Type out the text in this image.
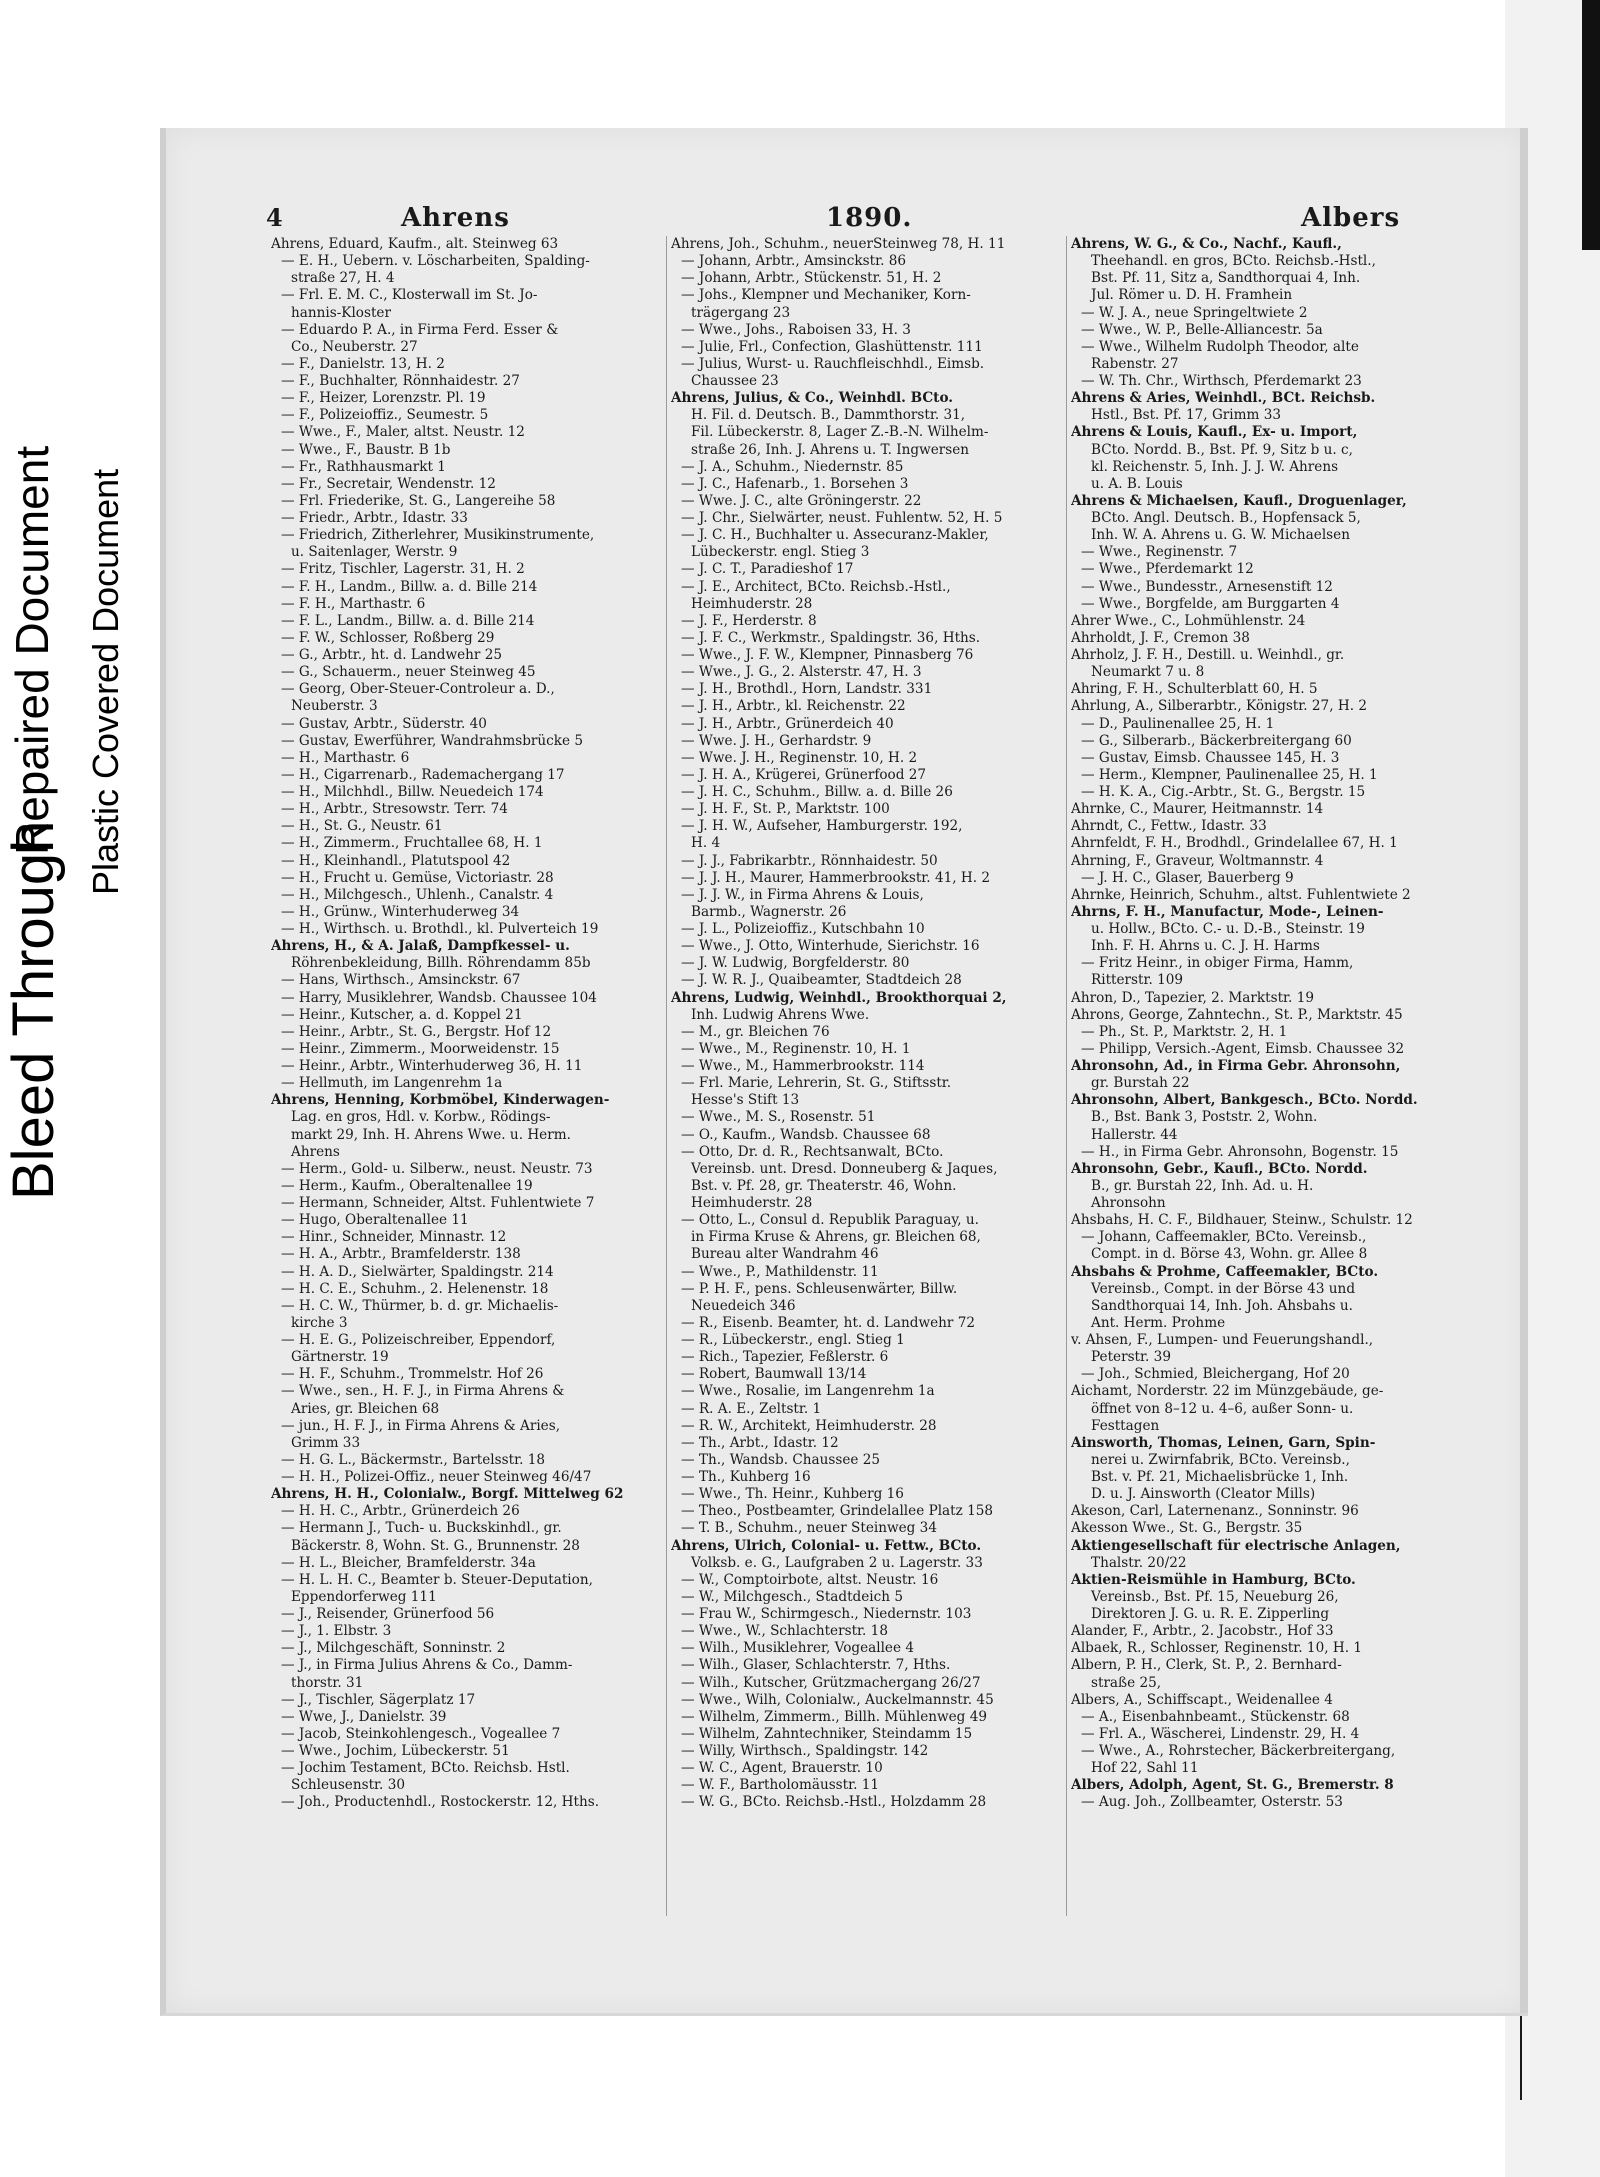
Bleed Through
Repaired Document Plastic Covered Document
4	Ahrens	1890.	Albers
Ahrens, Eduard, Kaufm., alt. Steinweg 63
— E. H., Uebern. v. Löscharbeiten, Spalding-
straße 27, H. 4
— Frl. E. M. C., Klosterwall im St. Jo-
hannis-Kloster
— Eduardo P. A., in Firma Ferd. Esser &
Co., Neuberstr. 27
— F., Danielstr. 13, H. 2
— F., Buchhalter, Rönnhaidestr. 27
— F., Heizer, Lorenzstr. Pl. 19
— F., Polizeioffiz., Seumestr. 5
— Wwe., F., Maler, altst. Neustr. 12
— Wwe., F., Baustr. B 1b
— Fr., Rathhausmarkt 1
— Fr., Secretair, Wendenstr. 12
— Frl. Friederike, St. G., Langereihe 58
— Friedr., Arbtr., Idastr. 33
— Friedrich, Zitherlehrer, Musikinstrumente,
u. Saitenlager, Werstr. 9
— Fritz, Tischler, Lagerstr. 31, H. 2
— F. H., Landm., Billw. a. d. Bille 214
— F. H., Marthastr. 6
— F. L., Landm., Billw. a. d. Bille 214
— F. W., Schlosser, Roßberg 29
— G., Arbtr., ht. d. Landwehr 25
— G., Schauerm., neuer Steinweg 45
— Georg, Ober-Steuer-Controleur a. D.,
Neuberstr. 3
— Gustav, Arbtr., Süderstr. 40
— Gustav, Ewerführer, Wandrahmsbrücke 5
— H., Marthastr. 6
— H., Cigarrenarb., Rademachergang 17
— H., Milchhdl., Billw. Neuedeich 174
— H., Arbtr., Stresowstr. Terr. 74
— H., St. G., Neustr. 61
— H., Zimmerm., Fruchtallee 68, H. 1
— H., Kleinhandl., Platutspool 42
— H., Frucht u. Gemüse, Victoriastr. 28
— H., Milchgesch., Uhlenh., Canalstr. 4
— H., Grünw., Winterhuderweg 34
— H., Wirthsch. u. Brothdl., kl. Pulverteich 19
Ahrens, H., & A. Jalaß, Dampfkessel- u.
Röhrenbekleidung, Billh. Röhrendamm 85b
— Hans, Wirthsch., Amsinckstr. 67
— Harry, Musiklehrer, Wandsb. Chaussee 104
— Heinr., Kutscher, a. d. Koppel 21
— Heinr., Arbtr., St. G., Bergstr. Hof 12
— Heinr., Zimmerm., Moorweidenstr. 15
— Heinr., Arbtr., Winterhuderweg 36, H. 11
— Hellmuth, im Langenrehm 1a
Ahrens, Henning, Korbmöbel, Kinderwagen-
Lag. en gros, Hdl. v. Korbw., Rödings-
markt 29, Inh. H. Ahrens Wwe. u. Herm.
Ahrens
— Herm., Gold- u. Silberw., neust. Neustr. 73
— Herm., Kaufm., Oberaltenallee 19
— Hermann, Schneider, Altst. Fuhlentwiete 7
— Hugo, Oberaltenallee 11
— Hinr., Schneider, Minnastr. 12
— H. A., Arbtr., Bramfelderstr. 138
— H. A. D., Sielwärter, Spaldingstr. 214
— H. C. E., Schuhm., 2. Helenenstr. 18
— H. C. W., Thürmer, b. d. gr. Michaelis-
kirche 3
— H. E. G., Polizeischreiber, Eppendorf,
Gärtnerstr. 19
— H. F., Schuhm., Trommelstr. Hof 26
— Wwe., sen., H. F. J., in Firma Ahrens &
Aries, gr. Bleichen 68
— jun., H. F. J., in Firma Ahrens & Aries,
Grimm 33
— H. G. L., Bäckermstr., Bartelsstr. 18
— H. H., Polizei-Offiz., neuer Steinweg 46/47
Ahrens, H. H., Colonialw., Borgf. Mittelweg 62
— H. H. C., Arbtr., Grünerdeich 26
— Hermann J., Tuch- u. Buckskinhdl., gr.
Bäckerstr. 8, Wohn. St. G., Brunnenstr. 28
— H. L., Bleicher, Bramfelderstr. 34a
— H. L. H. C., Beamter b. Steuer-Deputation,
Eppendorferweg 111
— J., Reisender, Grünerfood 56
— J., 1. Elbstr. 3
— J., Milchgeschäft, Sonninstr. 2
— J., in Firma Julius Ahrens & Co., Damm-
thorstr. 31
— J., Tischler, Sägerplatz 17
— Wwe, J., Danielstr. 39
— Jacob, Steinkohlengesch., Vogeallee 7
— Wwe., Jochim, Lübeckerstr. 51
— Jochim Testament, BCto. Reichsb. Hstl.
Schleusenstr. 30
— Joh., Productenhdl., Rostockerstr. 12, Hths.
Ahrens, Joh., Schuhm., neuerSteinweg 78, H. 11
— Johann, Arbtr., Amsinckstr. 86
— Johann, Arbtr., Stückenstr. 51, H. 2
— Johs., Klempner und Mechaniker, Korn-
trägergang 23
— Wwe., Johs., Raboisen 33, H. 3
— Julie, Frl., Confection, Glashüttenstr. 111
— Julius, Wurst- u. Rauchfleischhdl., Eimsb.
Chaussee 23
Ahrens, Julius, & Co., Weinhdl. BCto.
H. Fil. d. Deutsch. B., Dammthorstr. 31,
Fil. Lübeckerstr. 8, Lager Z.-B.-N. Wilhelm-
straße 26, Inh. J. Ahrens u. T. Ingwersen
— J. A., Schuhm., Niedernstr. 85
— J. C., Hafenarb., 1. Borsehen 3
— Wwe. J. C., alte Gröningerstr. 22
— J. Chr., Sielwärter, neust. Fuhlentw. 52, H. 5
— J. C. H., Buchhalter u. Assecuranz-Makler,
Lübeckerstr. engl. Stieg 3
— J. C. T., Paradieshof 17
— J. E., Architect, BCto. Reichsb.-Hstl.,
Heimhuderstr. 28
— J. F., Herderstr. 8
— J. F. C., Werkmstr., Spaldingstr. 36, Hths.
— Wwe., J. F. W., Klempner, Pinnasberg 76
— Wwe., J. G., 2. Alsterstr. 47, H. 3
— J. H., Brothdl., Horn, Landstr. 331
— J. H., Arbtr., kl. Reichenstr. 22
— J. H., Arbtr., Grünerdeich 40
— Wwe. J. H., Gerhardstr. 9
— Wwe. J. H., Reginenstr. 10, H. 2
— J. H. A., Krügerei, Grünerfood 27
— J. H. C., Schuhm., Billw. a. d. Bille 26
— J. H. F., St. P., Marktstr. 100
— J. H. W., Aufseher, Hamburgerstr. 192,
H. 4
— J. J., Fabrikarbtr., Rönnhaidestr. 50
— J. J. H., Maurer, Hammerbrookstr. 41, H. 2
— J. J. W., in Firma Ahrens & Louis,
Barmb., Wagnerstr. 26
— J. L., Polizeioffiz., Kutschbahn 10
— Wwe., J. Otto, Winterhude, Sierichstr. 16
— J. W. Ludwig, Borgfelderstr. 80
— J. W. R. J., Quaibeamter, Stadtdeich 28
Ahrens, Ludwig, Weinhdl., Brookthorquai 2,
Inh. Ludwig Ahrens Wwe.
— M., gr. Bleichen 76
— Wwe., M., Reginenstr. 10, H. 1
— Wwe., M., Hammerbrookstr. 114
— Frl. Marie, Lehrerin, St. G., Stiftsstr.
Hesse's Stift 13
— Wwe., M. S., Rosenstr. 51
— O., Kaufm., Wandsb. Chaussee 68
— Otto, Dr. d. R., Rechtsanwalt, BCto.
Vereinsb. unt. Dresd. Donneuberg & Jaques,
Bst. v. Pf. 28, gr. Theaterstr. 46, Wohn.
Heimhuderstr. 28
— Otto, L., Consul d. Republik Paraguay, u.
in Firma Kruse & Ahrens, gr. Bleichen 68,
Bureau alter Wandrahm 46
— Wwe., P., Mathildenstr. 11
— P. H. F., pens. Schleusenwärter, Billw.
Neuedeich 346
— R., Eisenb. Beamter, ht. d. Landwehr 72
— R., Lübeckerstr., engl. Stieg 1
— Rich., Tapezier, Feßlerstr. 6
— Robert, Baumwall 13/14
— Wwe., Rosalie, im Langenrehm 1a
— R. A. E., Zeltstr. 1
— R. W., Architekt, Heimhuderstr. 28
— Th., Arbt., Idastr. 12
— Th., Wandsb. Chaussee 25
— Th., Kuhberg 16
— Wwe., Th. Heinr., Kuhberg 16
— Theo., Postbeamter, Grindelallee Platz 158
— T. B., Schuhm., neuer Steinweg 34
Ahrens, Ulrich, Colonial- u. Fettw., BCto.
Volksb. e. G., Laufgraben 2 u. Lagerstr. 33
— W., Comptoirbote, altst. Neustr. 16
— W., Milchgesch., Stadtdeich 5
— Frau W., Schirmgesch., Niedernstr. 103
— Wwe., W., Schlachterstr. 18
— Wilh., Musiklehrer, Vogeallee 4
— Wilh., Glaser, Schlachterstr. 7, Hths.
— Wilh., Kutscher, Grützmachergang 26/27
— Wwe., Wilh, Colonialw., Auckelmannstr. 45
— Wilhelm, Zimmerm., Billh. Mühlenweg 49
— Wilhelm, Zahntechniker, Steindamm 15
— Willy, Wirthsch., Spaldingstr. 142
— W. C., Agent, Brauerstr. 10
— W. F., Bartholomäusstr. 11
— W. G., BCto. Reichsb.-Hstl., Holzdamm 28
Ahrens, W. G., & Co., Nachf., Kaufl.,
Theehandl. en gros, BCto. Reichsb.-Hstl.,
Bst. Pf. 11, Sitz a, Sandthorquai 4, Inh.
Jul. Römer u. D. H. Framhein
— W. J. A., neue Springeltwiete 2
— Wwe., W. P., Belle-Alliancestr. 5a
— Wwe., Wilhelm Rudolph Theodor, alte
Rabenstr. 27
— W. Th. Chr., Wirthsch, Pferdemarkt 23
Ahrens & Aries, Weinhdl., BCt. Reichsb.
Hstl., Bst. Pf. 17, Grimm 33
Ahrens & Louis, Kaufl., Ex- u. Import,
BCto. Nordd. B., Bst. Pf. 9, Sitz b u. c,
kl. Reichenstr. 5, Inh. J. J. W. Ahrens
u. A. B. Louis
Ahrens & Michaelsen, Kaufl., Droguenlager,
BCto. Angl. Deutsch. B., Hopfensack 5,
Inh. W. A. Ahrens u. G. W. Michaelsen
— Wwe., Reginenstr. 7
— Wwe., Pferdemarkt 12
— Wwe., Bundesstr., Arnesenstift 12
— Wwe., Borgfelde, am Burggarten 4
Ahrer Wwe., C., Lohmühlenstr. 24
Ahrholdt, J. F., Cremon 38
Ahrholz, J. F. H., Destill. u. Weinhdl., gr.
Neumarkt 7 u. 8
Ahring, F. H., Schulterblatt 60, H. 5
Ahrlung, A., Silberarbtr., Königstr. 27, H. 2
— D., Paulinenallee 25, H. 1
— G., Silberarb., Bäckerbreitergang 60
— Gustav, Eimsb. Chaussee 145, H. 3
— Herm., Klempner, Paulinenallee 25, H. 1
— H. K. A., Cig.-Arbtr., St. G., Bergstr. 15
Ahrnke, C., Maurer, Heitmannstr. 14
Ahrndt, C., Fettw., Idastr. 33
Ahrnfeldt, F. H., Brodhdl., Grindelallee 67, H. 1
Ahrning, F., Graveur, Woltmannstr. 4
— J. H. C., Glaser, Bauerberg 9
Ahrnke, Heinrich, Schuhm., altst. Fuhlentwiete 2
Ahrns, F. H., Manufactur, Mode-, Leinen-
u. Hollw., BCto. C.- u. D.-B., Steinstr. 19
Inh. F. H. Ahrns u. C. J. H. Harms
— Fritz Heinr., in obiger Firma, Hamm,
Ritterstr. 109
Ahron, D., Tapezier, 2. Marktstr. 19
Ahrons, George, Zahntechn., St. P., Marktstr. 45
— Ph., St. P., Marktstr. 2, H. 1
— Philipp, Versich.-Agent, Eimsb. Chaussee 32
Ahronsohn, Ad., in Firma Gebr. Ahronsohn,
gr. Burstah 22
Ahronsohn, Albert, Bankgesch., BCto. Nordd.
B., Bst. Bank 3, Poststr. 2, Wohn.
Hallerstr. 44
— H., in Firma Gebr. Ahronsohn, Bogenstr. 15
Ahronsohn, Gebr., Kaufl., BCto. Nordd.
B., gr. Burstah 22, Inh. Ad. u. H.
Ahronsohn
Ahsbahs, H. C. F., Bildhauer, Steinw., Schulstr. 12
— Johann, Caffeemakler, BCto. Vereinsb.,
Compt. in d. Börse 43, Wohn. gr. Allee 8
Ahsbahs & Prohme, Caffeemakler, BCto.
Vereinsb., Compt. in der Börse 43 und
Sandthorquai 14, Inh. Joh. Ahsbahs u.
Ant. Herm. Prohme
v. Ahsen, F., Lumpen- und Feuerungshandl.,
Peterstr. 39
— Joh., Schmied, Bleichergang, Hof 20
Aichamt, Norderstr. 22 im Münzgebäude, ge-
öffnet von 8–12 u. 4–6, außer Sonn- u.
Festtagen
Ainsworth, Thomas, Leinen, Garn, Spin-
nerei u. Zwirnfabrik, BCto. Vereinsb.,
Bst. v. Pf. 21, Michaelisbrücke 1, Inh.
D. u. J. Ainsworth (Cleator Mills)
Akeson, Carl, Laternenanz., Sonninstr. 96
Akesson Wwe., St. G., Bergstr. 35
Aktiengesellschaft für electrische Anlagen,
Thalstr. 20/22
Aktien-Reismühle in Hamburg, BCto.
Vereinsb., Bst. Pf. 15, Neueburg 26,
Direktoren J. G. u. R. E. Zipperling
Alander, F., Arbtr., 2. Jacobstr., Hof 33
Albaek, R., Schlosser, Reginenstr. 10, H. 1
Albern, P. H., Clerk, St. P., 2. Bernhard-
straße 25,
Albers, A., Schiffscapt., Weidenallee 4
— A., Eisenbahnbeamt., Stückenstr. 68
— Frl. A., Wäscherei, Lindenstr. 29, H. 4
— Wwe., A., Rohrstecher, Bäckerbreitergang,
Hof 22, Sahl 11
Albers, Adolph, Agent, St. G., Bremerstr. 8
— Aug. Joh., Zollbeamter, Osterstr. 53
